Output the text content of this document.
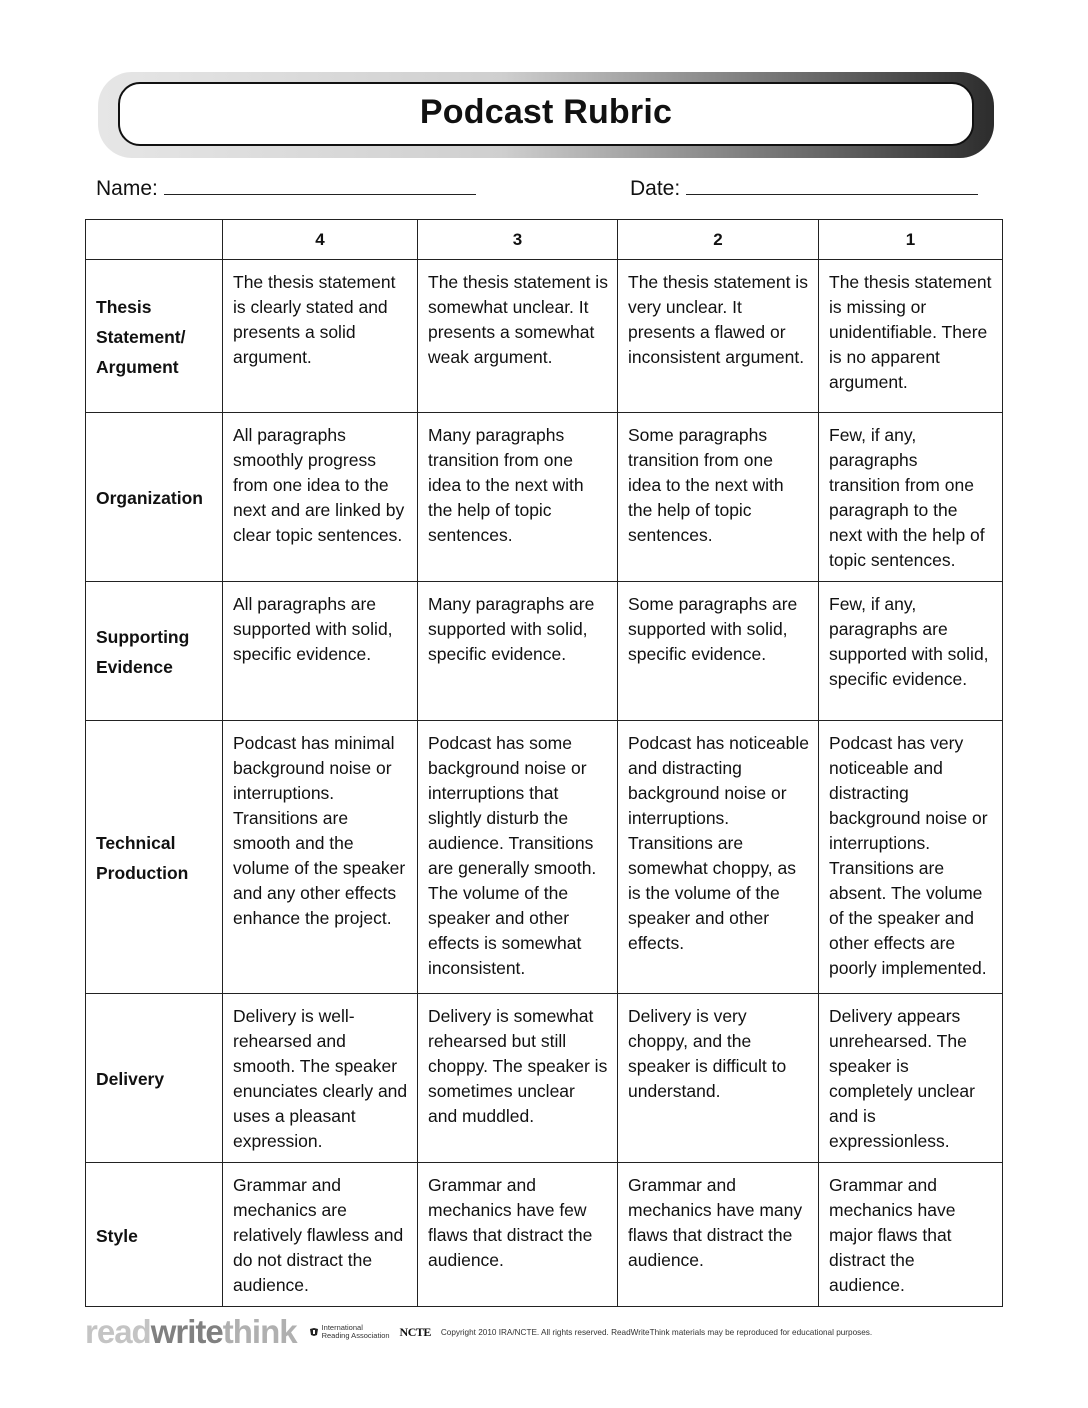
Podcast Rubric
Name:	Date:
	4	3	2	1
Thesis
Statement/
Argument	The thesis statement is clearly stated and presents a solid argument.	The thesis statement is somewhat unclear. It presents a somewhat weak argument.	The thesis statement is very unclear. It presents a flawed or inconsistent argument.	The thesis statement is missing or unidentifiable. There is no apparent argument.
Organization	All paragraphs smoothly progress from one idea to the next and are linked by clear topic sentences.	Many paragraphs transition from one idea to the next with the help of topic sentences.	Some paragraphs transition from one idea to the next with the help of topic sentences.	Few, if any, paragraphs transition from one paragraph to the next with the help of topic sentences.
Supporting
Evidence	All paragraphs are supported with solid, specific evidence.	Many paragraphs are supported with solid, specific evidence.	Some paragraphs are supported with solid, specific evidence.	Few, if any, paragraphs are supported with solid, specific evidence.
Technical
Production	Podcast has minimal background noise or interruptions. Transitions are smooth and the volume of the speaker and any other effects enhance the project.	Podcast has some background noise or interruptions that slightly disturb the audience. Transitions are generally smooth. The volume of the speaker and other effects is somewhat inconsistent.	Podcast has noticeable and distracting background noise or interruptions. Transitions are somewhat choppy, as is the volume of the speaker and other effects.	Podcast has very noticeable and distracting background noise or interruptions. Transitions are absent. The volume of the speaker and other effects are poorly implemented.
Delivery	Delivery is well-rehearsed and smooth. The speaker enunciates clearly and uses a pleasant expression.	Delivery is somewhat rehearsed but still choppy. The speaker is sometimes unclear and muddled.	Delivery is very choppy, and the speaker is difficult to understand.	Delivery appears unrehearsed. The speaker is completely unclear and is expressionless.
Style	Grammar and mechanics are relatively flawless and do not distract the audience.	Grammar and mechanics have few flaws that distract the audience.	Grammar and mechanics have many flaws that distract the audience.	Grammar and mechanics have major flaws that distract the audience.
readwritethink	International
Reading Association NCTE Copyright 2010 IRA/NCTE. All rights reserved. ReadWriteThink materials may be reproduced for educational purposes.
